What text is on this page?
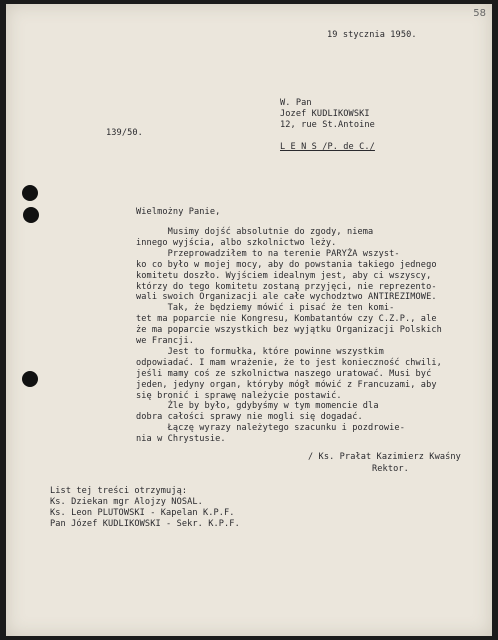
58
19 stycznia 1950.
W. Pan
Jozef KUDLIKOWSKI
12, rue St.Antoine
L E N S /P. de C./
139/50.
Wielmożny Panie,
Musimy dojść absolutnie do zgody, niema
innego wyjścia, albo szkolnictwo leży.
Przeprowadziłem to na terenie PARYŻA wszyst-
ko co było w mojej mocy, aby do powstania takiego jednego
komitetu doszło. Wyjściem idealnym jest, aby ci wszyscy,
którzy do tego komitetu zostaną przyjęci, nie reprezento-
wali swoich Organizacji ale całe wychodztwo ANTIREZIMOWE.
Tak, że będziemy mówić i pisać że ten komi-
tet ma poparcie nie Kongresu, Kombatantów czy C.Z.P., ale
że ma poparcie wszystkich bez wyjątku Organizacji Polskich
we Francji.
Jest to formułka, które powinne wszystkim
odpowiadać. I mam wrażenie, że to jest konieczność chwili,
jeśli mamy coś ze szkolnictwa naszego uratować. Musi być
jeden, jedyny organ, któryby mógł mówić z Francuzami, aby
się bronić i sprawę należycie postawić.
Źle by było, gdybyśmy w tym momencie dla
dobra całości sprawy nie mogli się dogadać.
Łączę wyrazy należytego szacunku i pozdrowie-
nia w Chrystusie.
/ Ks. Prałat Kazimierz Kwaśny
Rektor.
List tej treści otrzymują:
Ks. Dziekan mgr Alojzy NOSAL.
Ks. Leon PLUTOWSKI - Kapelan K.P.F.
Pan Józef KUDLIKOWSKI - Sekr. K.P.F.
